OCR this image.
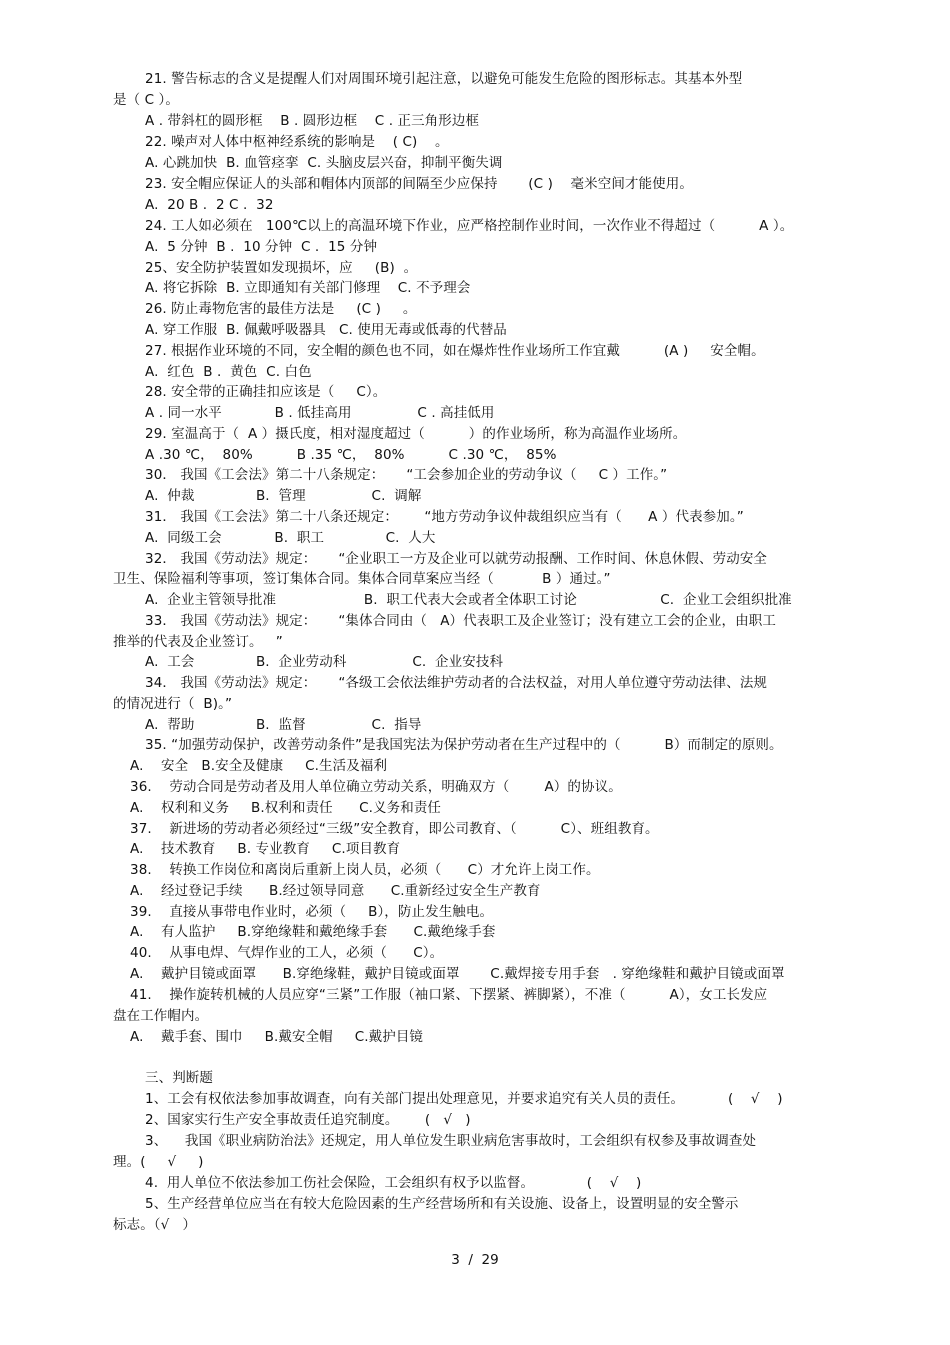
21. 警告标志的含义是提醒人们对周围环境引起注意，以避免可能发生危险的图形标志。其基本外型
是（ C ）。
A . 带斜杠的圆形框    B . 圆形边框    C . 正三角形边框
22. 噪声对人体中枢神经系统的影响是    ( C)    。
A. 心跳加快  B. 血管痉挛  C. 头脑皮层兴奋，抑制平衡失调
23. 安全帽应保证人的头部和帽体内顶部的间隔至少应保持       (C )    毫米空间才能使用。
A.  20 B .  2 C .  32
24. 工人如必须在   100℃以上的高温环境下作业，应严格控制作业时间，一次作业不得超过（          A ）。
A.  5 分钟  B .  10 分钟  C .  15 分钟
25、安全防护装置如发现损坏，应     (B)  。
A. 将它拆除  B. 立即通知有关部门修理    C. 不予理会
26. 防止毒物危害的最佳方法是     (C )     。
A. 穿工作服  B. 佩戴呼吸器具   C. 使用无毒或低毒的代替品
27. 根据作业环境的不同，安全帽的颜色也不同，如在爆炸性作业场所工作宜戴          (A )     安全帽。
A.  红色  B .  黄色  C. 白色
28. 安全带的正确挂扣应该是（     C）。
A . 同一水平            B . 低挂高用               C . 高挂低用
29. 室温高于（  A ）摄氏度，相对湿度超过（          ）的作业场所，称为高温作业场所。
A .30 ℃，  80%          B .35 ℃，  80%          C .30 ℃，  85%
30． 我国《工会法》第二十八条规定：     “工会参加企业的劳动争议（     C ）工作。”
A.  仲裁              B.  管理               C.  调解
31． 我国《工会法》第二十八条还规定：      “地方劳动争议仲裁组织应当有（      A ）代表参加。”
A.  同级工会            B.  职工              C.  人大
32． 我国《劳动法》规定：     “企业职工一方及企业可以就劳动报酬、工作时间、休息休假、劳动安全
卫生、保险福利等事项，签订集体合同。集体合同草案应当经（           B ）通过。”
A.  企业主管领导批准                    B.  职工代表大会或者全体职工讨论                   C.  企业工会组织批准
33． 我国《劳动法》规定：     “集体合同由（   A）代表职工及企业签订；没有建立工会的企业，由职工
推举的代表及企业签订。   ”
A.  工会              B.  企业劳动科               C.  企业安技科
34． 我国《劳动法》规定：     “各级工会依法维护劳动者的合法权益，对用人单位遵守劳动法律、法规
的情况进行（  B)。”
A.  帮助              B.  监督               C.  指导
35. “加强劳动保护，改善劳动条件”是我国宪法为保护劳动者在生产过程中的（          B）而制定的原则。
A.    安全   B.安全及健康     C.生活及福利
36.    劳动合同是劳动者及用人单位确立劳动关系，明确双方（        A）的协议。
A.    权利和义务     B.权利和责任      C.义务和责任
37.    新进场的劳动者必须经过“三级”安全教育，即公司教育、（          C）、班组教育。
A.    技术教育     B. 专业教育     C.项目教育
38.    转换工作岗位和离岗后重新上岗人员，必须（      C）才允许上岗工作。
A.    经过登记手续      B.经过领导同意      C.重新经过安全生产教育
39.    直接从事带电作业时，必须（     B），防止发生触电。
A.    有人监护     B.穿绝缘鞋和戴绝缘手套      C.戴绝缘手套
40.    从事电焊、气焊作业的工人，必须（      C）。
A.    戴护目镜或面罩      B.穿绝缘鞋，戴护目镜或面罩       C.戴焊接专用手套   . 穿绝缘鞋和戴护目镜或面罩
41.    操作旋转机械的人员应穿“三紧”工作服（袖口紧、下摆紧、裤脚紧），不准（          A），女工长发应
盘在工作帽内。
A.    戴手套、围巾     B.戴安全帽     C.戴护目镜
三、判断题
1、工会有权依法参加事故调查，向有关部门提出处理意见，并要求追究有关人员的责任。          (    √    )
2、国家实行生产安全事故责任追究制度。      (   √   )
3、    我国《职业病防治法》还规定，用人单位发生职业病危害事故时，工会组织有权参及事故调查处
理。(     √     )
4.  用人单位不依法参加工伤社会保险，工会组织有权予以监督。            (    √    )
5、生产经营单位应当在有较大危险因素的生产经营场所和有关设施、设备上，设置明显的安全警示
标志。（√   ）
3  /  29
